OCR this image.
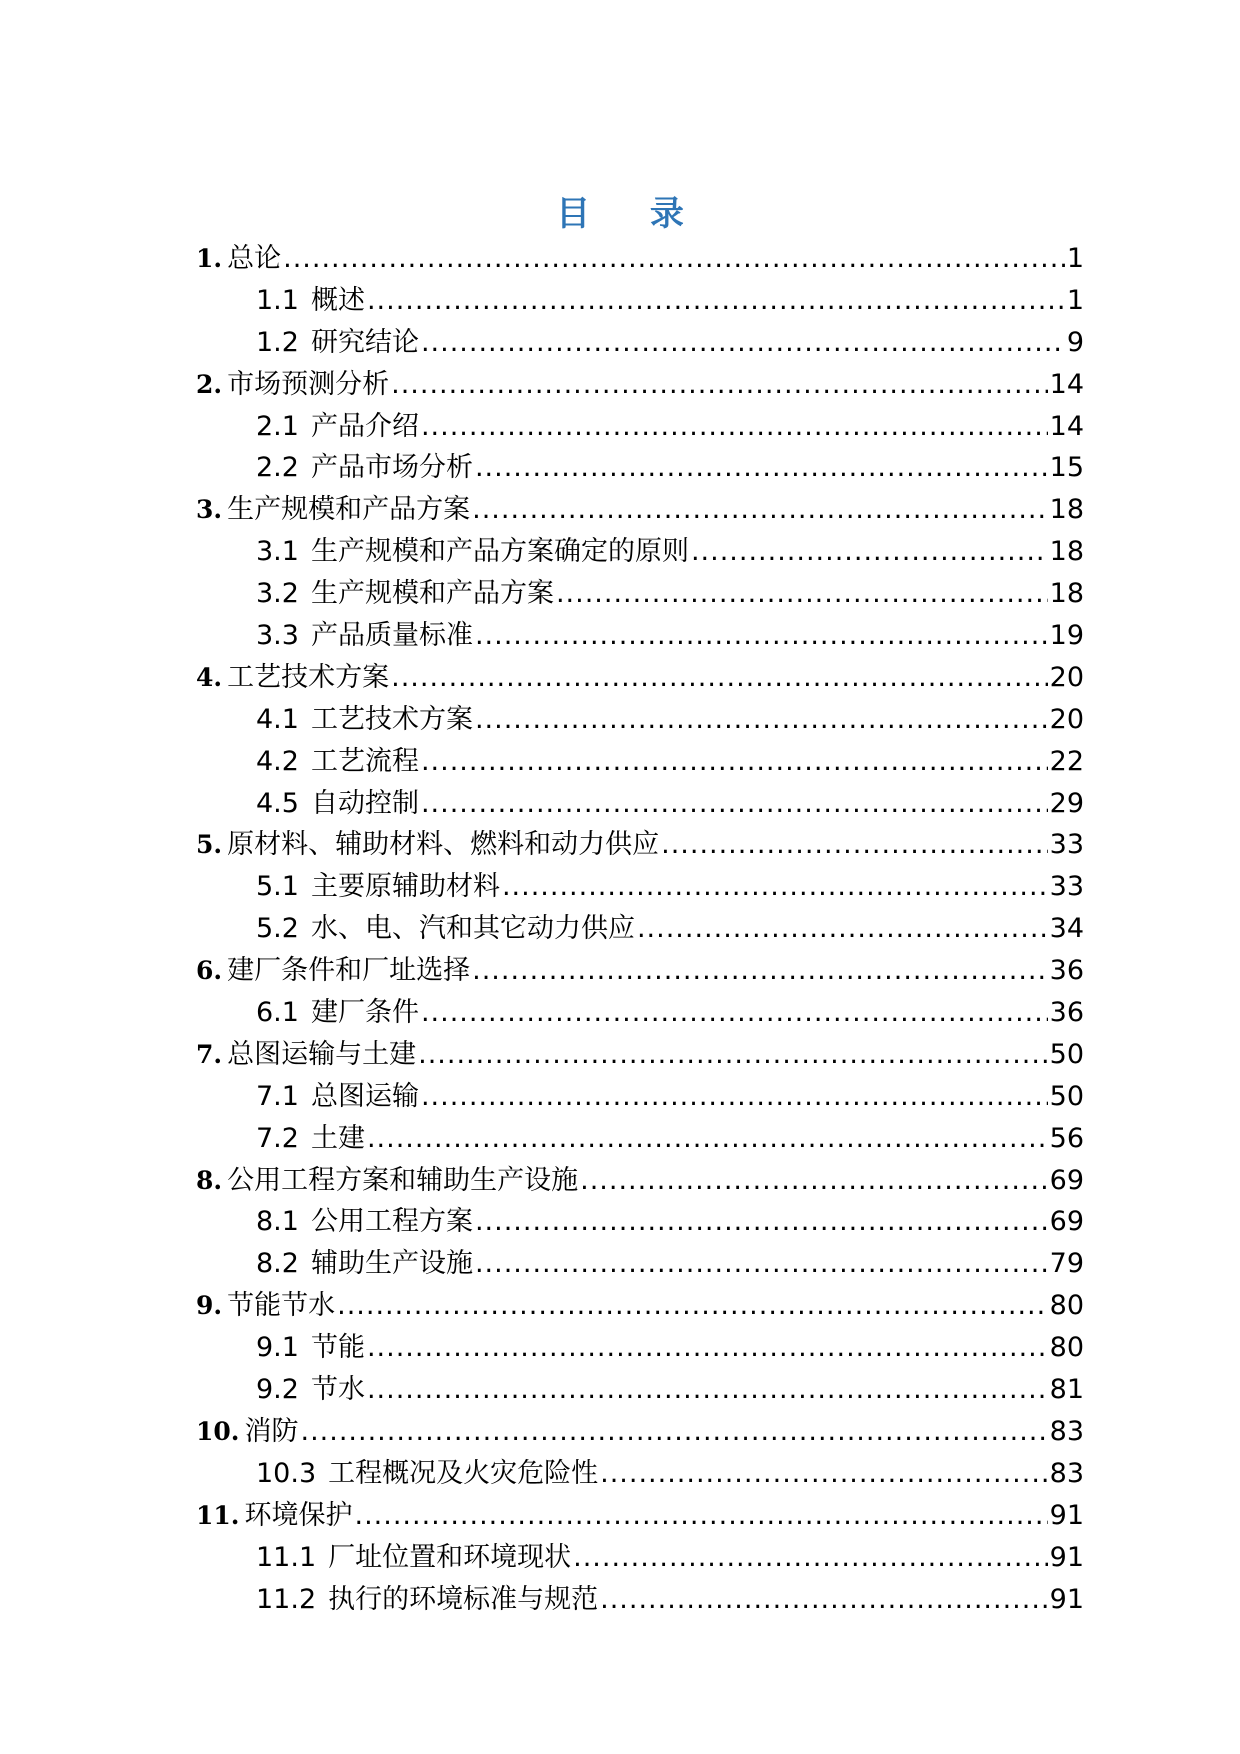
目 录
1. 总论 .....	1
1.1 概述 .....	1
1.2 研究结论 .....	9
2. 市场预测分析 .....	14
2.1 产品介绍 .....	14
2.2 产品市场分析 .....	15
3. 生产规模和产品方案 .....	18
3.1 生产规模和产品方案确定的原则 .....	18
3.2 生产规模和产品方案 .....	18
3.3 产品质量标准 .....	19
4. 工艺技术方案 .....	20
4.1 工艺技术方案 .....	20
4.2 工艺流程 .....	22
4.5 自动控制 .....	29
5. 原材料、辅助材料、燃料和动力供应 .....	33
5.1 主要原辅助材料 .....	33
5.2 水、电、汽和其它动力供应 .....	34
6. 建厂条件和厂址选择 .....	36
6.1 建厂条件 .....	36
7. 总图运输与土建 .....	50
7.1 总图运输 .....	50
7.2 土建 .....	56
8. 公用工程方案和辅助生产设施 .....	69
8.1 公用工程方案 .....	69
8.2 辅助生产设施 .....	79
9. 节能节水 .....	80
9.1 节能 .....	80
9.2 节水 .....	81
10. 消防 .....	83
10.3 工程概况及火灾危险性 .....	83
11. 环境保护 .....	91
11.1 厂址位置和环境现状 .....	91
11.2 执行的环境标准与规范 .....	91
